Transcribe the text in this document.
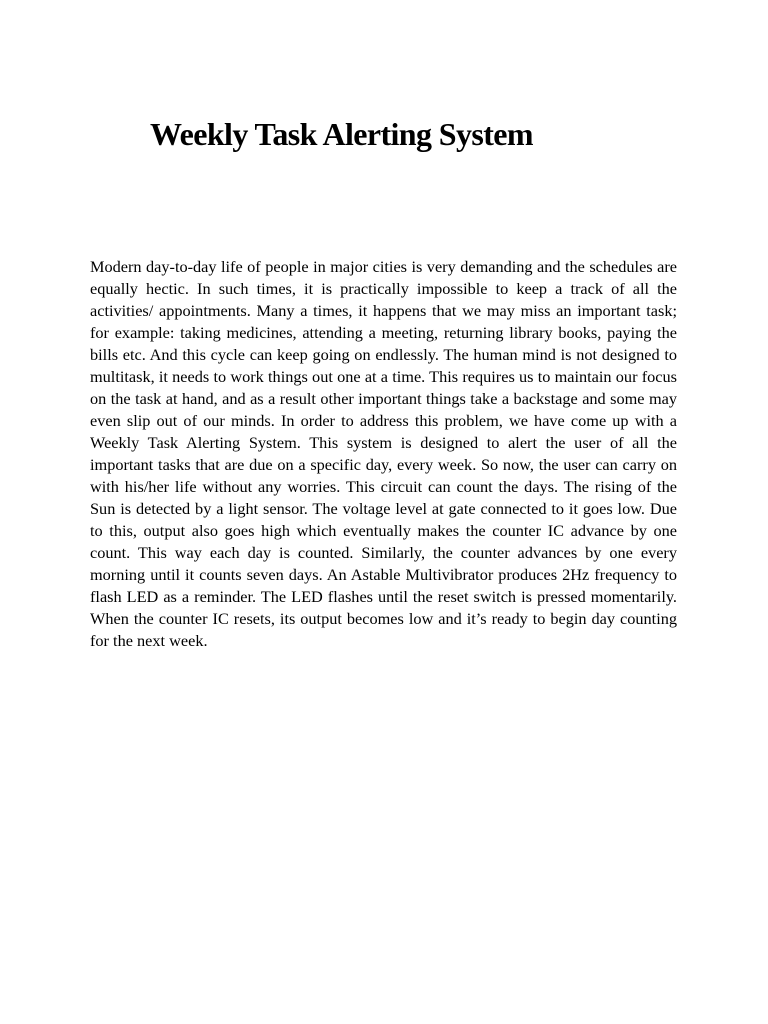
Weekly Task Alerting System

Modern day-to-day life of people in major cities is very demanding and the schedules are equally hectic. In such times, it is practically impossible to keep a track of all the activities/ appointments. Many a times, it happens that we may miss an important task; for example: taking medicines, attending a meeting, returning library books, paying the bills etc. And this cycle can keep going on endlessly. The human mind is not designed to multitask, it needs to work things out one at a time. This requires us to maintain our focus on the task at hand, and as a result other important things take a backstage and some may even slip out of our minds. In order to address this problem, we have come up with a Weekly Task Alerting System. This system is designed to alert the user of all the important tasks that are due on a specific day, every week. So now, the user can carry on with his/her life without any worries. This circuit can count the days. The rising of the Sun is detected by a light sensor. The voltage level at gate connected to it goes low. Due to this, output also goes high which eventually makes the counter IC advance by one count. This way each day is counted. Similarly, the counter advances by one every morning until it counts seven days. An Astable Multivibrator produces 2Hz frequency to flash LED as a reminder. The LED flashes until the reset switch is pressed momentarily. When the counter IC resets, its output becomes low and it’s ready to begin day counting for the next week.
